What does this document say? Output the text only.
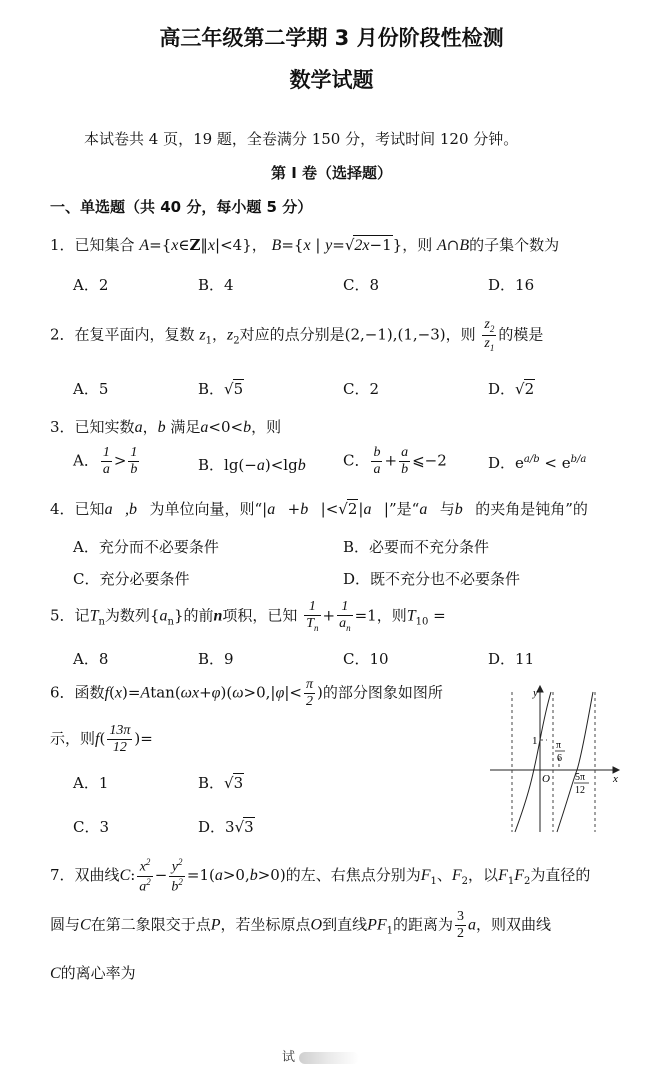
高三年级第二学期 3 月份阶段性检测
数学试题
本试卷共 4 页，19 题，全卷满分 150 分，考试时间 120 分钟。
第 I 卷（选择题）
一、单选题（共 40 分，每小题 5 分）
1．已知集合 A={x∈Z‖x|<4}， B={x | y=√2x−1}，则 A∩B的子集个数为
A．2	B．4	C．8	D．16
2．在复平面内，复数 $z_1$，$z_2$对应的点分别是(2,−1),(1,−3)，则 $\frac{z_2}{z_1}$ 的模是
A．5	B．√5	C．2	D．√2
3．已知实数a，b 满足a<0<b，则
A． $\frac{1}{a} > \frac{1}{b}$	B．lg(−a)<lgb C． $\frac{b}{a} + \frac{a}{b}$ ⩽−2	D．$e^{a/b} < e^{b/a}$
4．已知a⃗,b⃗为单位向量，则“|a⃗+b⃗|<√2|a⃗|”是“a⃗与b⃗的夹角是钝角”的
A．充分而不必要条件	B．必要而不充分条件
C．充分必要条件	D．既不充分也不必要条件
5．记$T_n$为数列$\{a_n\}$的前n项积，已知 $\frac{1}{T_n} + \frac{1}{a_n} =1$，则$T_{10}$ =
A．8	B．9	C．10	D．11
6．函数$f(x)=Atan(\omega x+\varphi)(\omega>0,|\varphi|< \frac{\pi}{2}$ )的部分图象如图所
示，则$f( \frac{13\pi}{12}$ )=
A．1	B．√3
C．3	D．3√3
y
x
O
1 π
6
5π
12
7．双曲线C: $\frac{x^2}{a^2} - \frac{y^2}{b^2} =1(a>0,b>0)$的左、右焦点分别为$F_1$、$F_2$，以$F_1F_2$为直径的
圆与C在第二象限交于点P，若坐标原点O到直线$PF_1$的距离为 $\frac{3}{2}$ a，则双曲线
C的离心率为
试
